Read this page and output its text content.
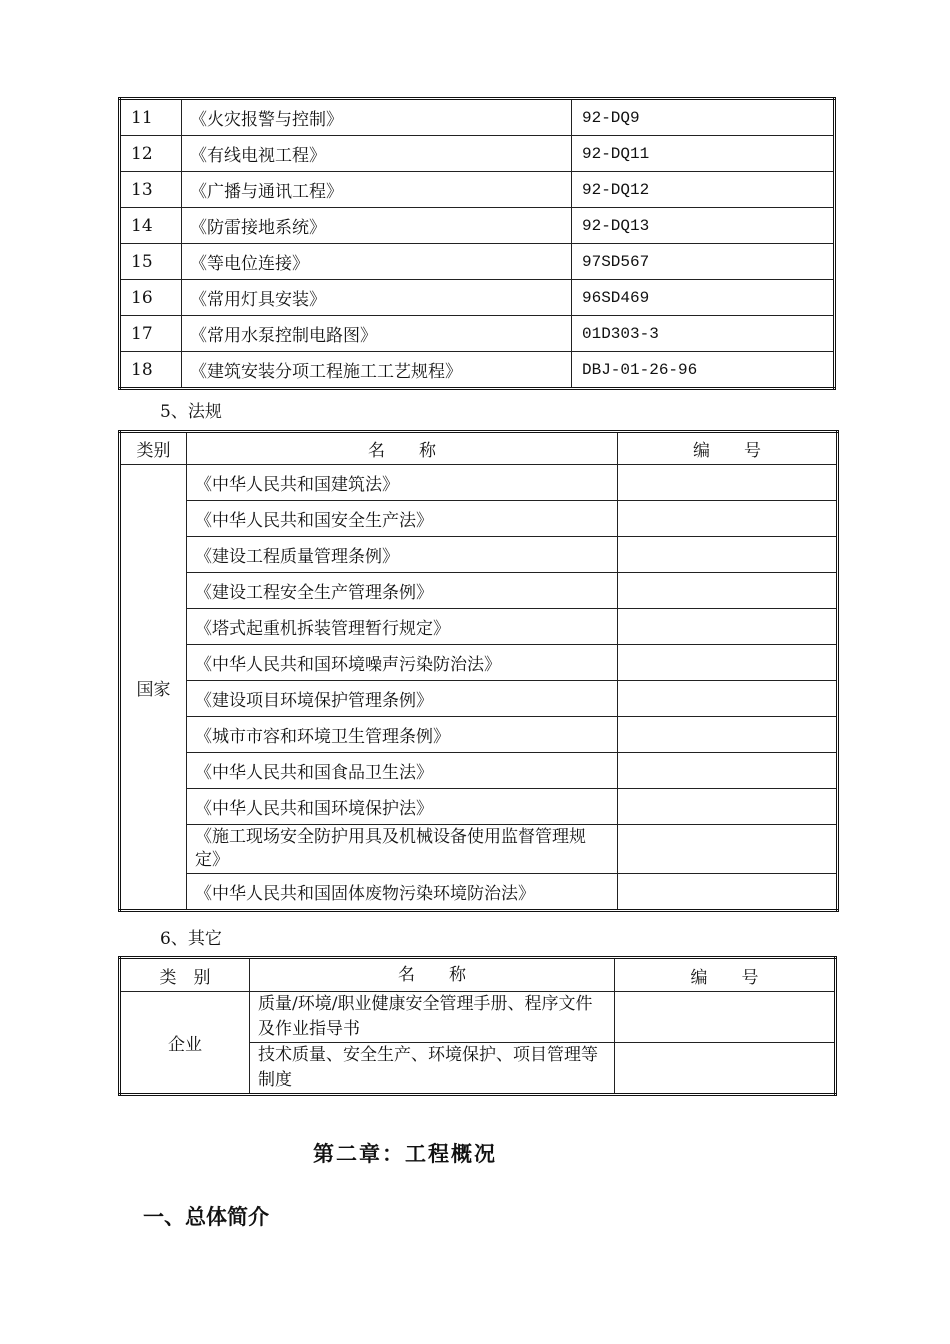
11	《火灾报警与控制》	92-DQ9
12	《有线电视工程》	92-DQ11
13	《广播与通讯工程》	92-DQ12
14	《防雷接地系统》	92-DQ13
15	《等电位连接》	97SD567
16	《常用灯具安装》	96SD469
17	《常用水泵控制电路图》	01D303-3
18	《建筑安装分项工程施工工艺规程》	DBJ-01-26-96
5、法规
类别	名　　称	编　　号
国家	《中华人民共和国建筑法》	
	《中华人民共和国安全生产法》	
	《建设工程质量管理条例》	
	《建设工程安全生产管理条例》	
	《塔式起重机拆装管理暂行规定》	
	《中华人民共和国环境噪声污染防治法》	
	《建设项目环境保护管理条例》	
	《城市市容和环境卫生管理条例》	
	《中华人民共和国食品卫生法》	
	《中华人民共和国环境保护法》	
	《施工现场安全防护用具及机械设备使用监督管理规定》	
	《中华人民共和国固体废物污染环境防治法》	
6、其它
类　别	名　　称	编　　号
企业	质量/环境/职业健康安全管理手册、程序文件及作业指导书	
	技术质量、安全生产、环境保护、项目管理等制度	
第二章：工程概况
一、总体简介
